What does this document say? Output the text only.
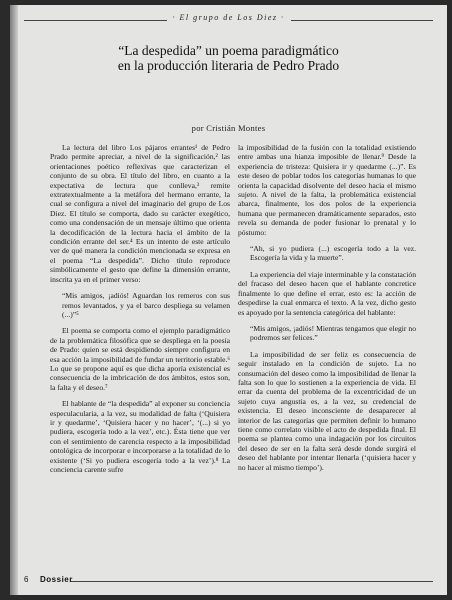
· El grupo de Los Diez ·
“La despedida” un poema paradigmático
en la producción literaria de Pedro Prado
por Cristián Montes

La lectura del libro Los pájaros errantes¹ de Pedro Prado permite apreciar, a nivel de la significación,² las orientaciones poético reflexivas que caracterizan el conjunto de su obra. El título del libro, en cuanto a la expectativa de lectura que conlleva,³ remite extratextualmente a la metáfora del hermano errante, la cual se configura a nivel del imaginario del grupo de Los Diez. El título se comporta, dado su carácter exegético, como una condensación de un mensaje último que orienta la decodificación de la lectura hacia el ámbito de la condición errante del ser.⁴ Es un intento de este artículo ver de qué manera la condición mencionada se expresa en el poema “La despedida”. Dicho título reproduce simbólicamente el gesto que define la dimensión errante, inscrita ya en el primer verso:

“Mis amigos, ¡adiós! Aguardan los remeros con sus remos levantados, y ya el barco despliega su velamen (...)”⁵

El poema se comporta como el ejemplo paradigmático de la problemática filosófica que se despliega en la poesía de Prado: quien se está despidiendo siempre configura en esa acción la imposibilidad de fundar un territorio estable.⁶ Lo que se propone aquí es que dicha aporía existencial es consecuencia de la imbricación de dos ámbitos, estos son, la falta y el deseo.⁷

El hablante de “la despedida” al exponer su conciencia especulacularia, a la vez, su modalidad de falta (‘Quisiera ir y quedarme’, ‘Quisiera hacer y no hacer’, ‘(...) si yo pudiera, escogería todo a la vez’, etc.). Ésta tiene que ver con el sentimiento de carencia respecto a la imposibilidad ontológica de incorporar e incorporarse a la totalidad de lo existente (‘Si yo pudiera escogería todo a la vez’).⁸ La conciencia carente sufre

la imposibilidad de la fusión con la totalidad existiendo entre ambas una hianza imposible de llenar.⁹ Desde la experiencia de tristeza: Quisiera ir y quedarme (...)”. Es este deseo de poblar todos los categorías humanas lo que orienta la capacidad disolvente del deseo hacia el mismo sujeto. A nivel de la falta, la problemática existencial abarca, finalmente, los dos polos de la experiencia humana que permanecen dramáticamente separados, esto revela su demanda de poder fusionar lo prenatal y lo póstumo:

“Ah, si yo pudiera (...) escogería todo a la vez. Escogería la vida y la muerte”.

La experiencia del viaje interminable y la constatación del fracaso del deseo hacen que el hablante concretice finalmente lo que define el errar, esto es: la acción de despedirse la cual enmarca el texto. A la vez, dicho gesto es apoyado por la sentencia categórica del hablante:

“Mis amigos, ¡adiós! Mientras tengamos que elegir no podremos ser felices.”

La imposibilidad de ser feliz es consecuencia de seguir instalado en la condición de sujeto. La no consumación del deseo como la imposibilidad de llenar la falta son lo que lo sostienen a la experiencia de vida. El errar da cuenta del problema de la excentricidad de un sujeto cuya angustia es, a la vez, su credencial de existencia. El deseo inconsciente de desaparecer al interior de las categorías que permiten definir lo humano tiene como correlato visible el acto de despedida final. El poema se plantea como una indagación por los circuitos del deseo de ser en la falta será desde donde surgirá el deseo del hablante por intentar llenarla (‘quisiera hacer y no hacer al mismo tiempo’).

6 Dossier
